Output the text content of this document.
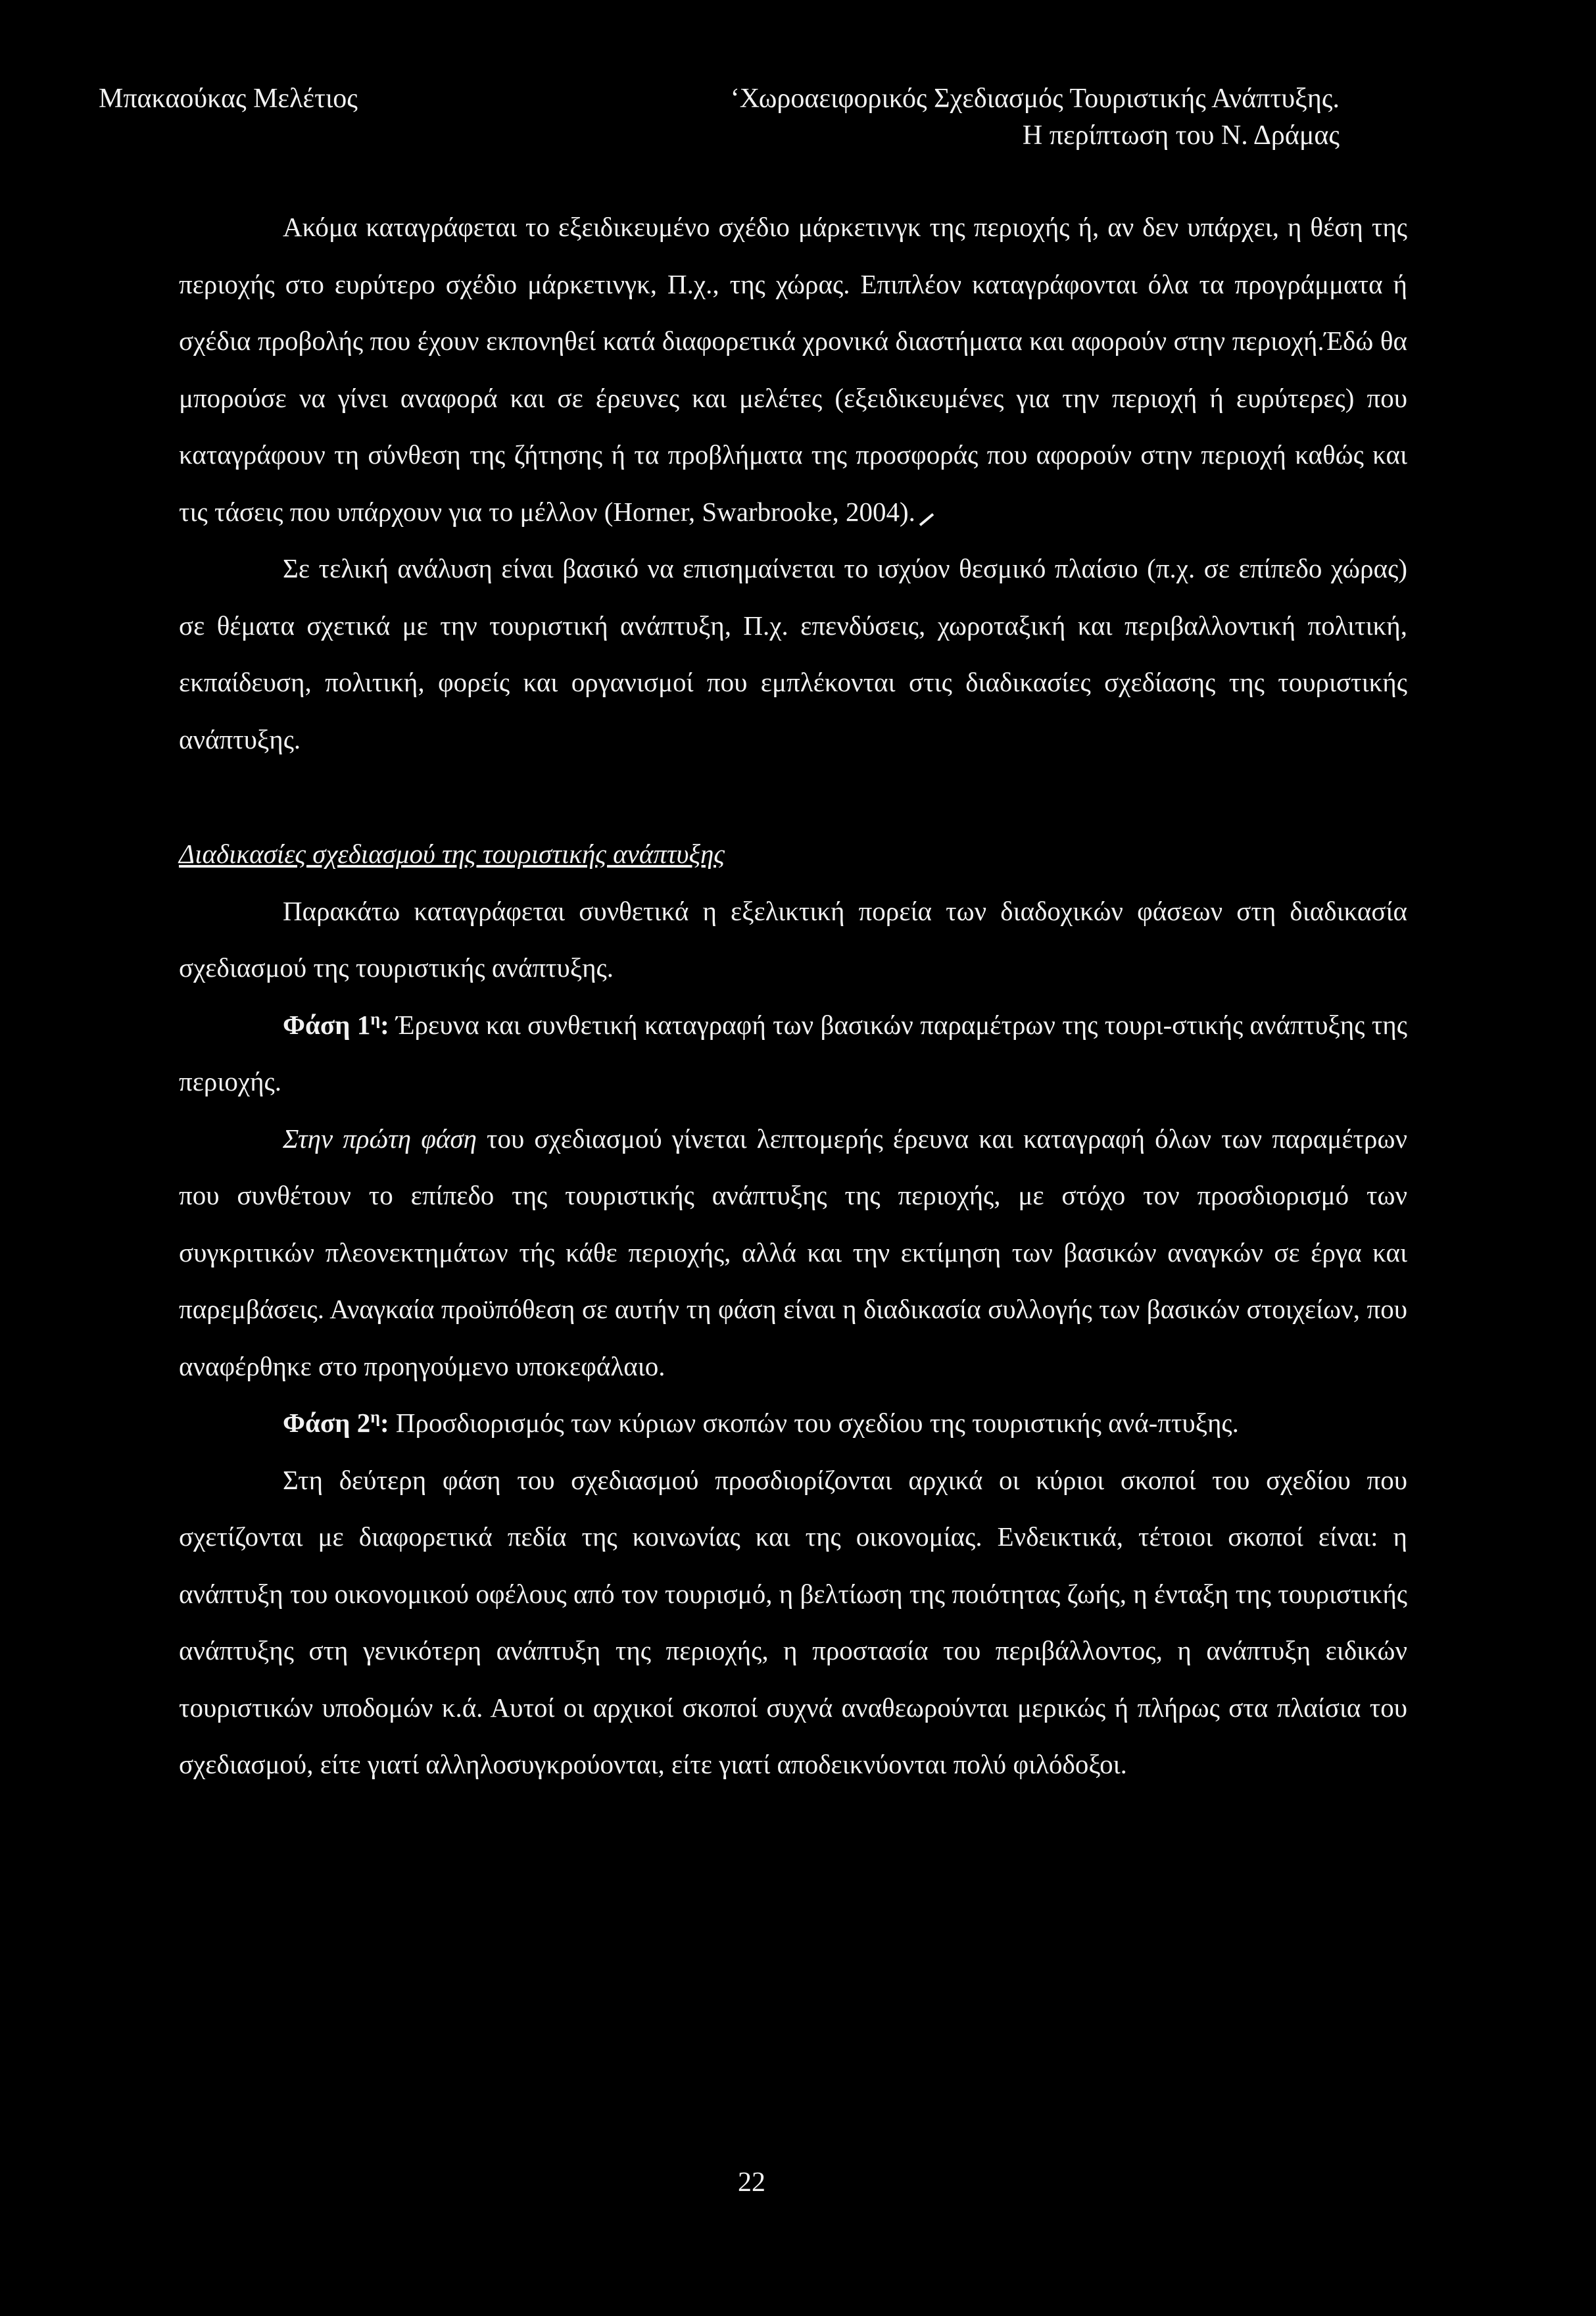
Μπακαούκας Μελέτιος	‘Χωροαειφορικός Σχεδιασμός Τουριστικής Ανάπτυξης.
Η περίπτωση του Ν. Δράμας

Ακόμα καταγράφεται το εξειδικευμένο σχέδιο μάρκετινγκ της περιοχής ή, αν δεν υπάρχει, η θέση της περιοχής στο ευρύτερο σχέδιο μάρκετινγκ, Π.χ., της χώρας. Επιπλέον καταγράφονται όλα τα προγράμματα ή σχέδια προβολής που έχουν εκπονηθεί κατά διαφορετικά χρονικά διαστήματα και αφορούν στην περιοχή.Έδώ θα μπορούσε να γίνει αναφορά και σε έρευνες και μελέτες (εξειδικευμένες για την περιοχή ή ευρύτερες) που καταγράφουν τη σύνθεση της ζήτησης ή τα προβλήματα της προσφοράς που αφορούν στην περιοχή καθώς και τις τάσεις που υπάρχουν για το μέλλον (Horner, Swarbrooke, 2004).

Σε τελική ανάλυση είναι βασικό να επισημαίνεται το ισχύον θεσμικό πλαίσιο (π.χ. σε επίπεδο χώρας) σε θέματα σχετικά με την τουριστική ανάπτυξη, Π.χ. επενδύσεις, χωροταξική και περιβαλλοντική πολιτική, εκπαίδευση, πολιτική, φορείς και οργανισμοί που εμπλέκονται στις διαδικασίες σχεδίασης της τουριστικής ανάπτυξης.

Διαδικασίες σχεδιασμού της τουριστικής ανάπτυξης

Παρακάτω καταγράφεται συνθετικά η εξελικτική πορεία των διαδοχικών φάσεων στη διαδικασία σχεδιασμού της τουριστικής ανάπτυξης.

Φάση $1^\eta$: Έρευνα και συνθετική καταγραφή των βασικών παραμέτρων της τουρι-στικής ανάπτυξης της περιοχής.

Στην πρώτη φάση του σχεδιασμού γίνεται λεπτομερής έρευνα και καταγραφή όλων των παραμέτρων που συνθέτουν το επίπεδο της τουριστικής ανάπτυξης της περιοχής, με στόχο τον προσδιορισμό των συγκριτικών πλεονεκτημάτων τής κάθε περιοχής, αλλά και την εκτίμηση των βασικών αναγκών σε έργα και παρεμβάσεις. Αναγκαία προϋπόθεση σε αυτήν τη φάση είναι η διαδικασία συλλογής των βασικών στοιχείων, που αναφέρθηκε στο προηγούμενο υποκεφάλαιο.

Φάση $2^\eta$: Προσδιορισμός των κύριων σκοπών του σχεδίου της τουριστικής ανά-πτυξης.

Στη δεύτερη φάση του σχεδιασμού προσδιορίζονται αρχικά οι κύριοι σκοποί του σχεδίου που σχετίζονται με διαφορετικά πεδία της κοινωνίας και της οικονομίας. Ενδεικτικά, τέτοιοι σκοποί είναι: η ανάπτυξη του οικονομικού οφέλους από τον τουρισμό, η βελτίωση της ποιότητας ζωής, η ένταξη της τουριστικής ανάπτυξης στη γενικότερη ανάπτυξη της περιοχής, η προστασία του περιβάλλοντος, η ανάπτυξη ειδικών τουριστικών υποδομών κ.ά. Αυτοί οι αρχικοί σκοποί συχνά αναθεωρούνται μερικώς ή πλήρως στα πλαίσια του σχεδιασμού, είτε γιατί αλληλοσυγκρούονται, είτε γιατί αποδεικνύονται πολύ φιλόδοξοι.

22
